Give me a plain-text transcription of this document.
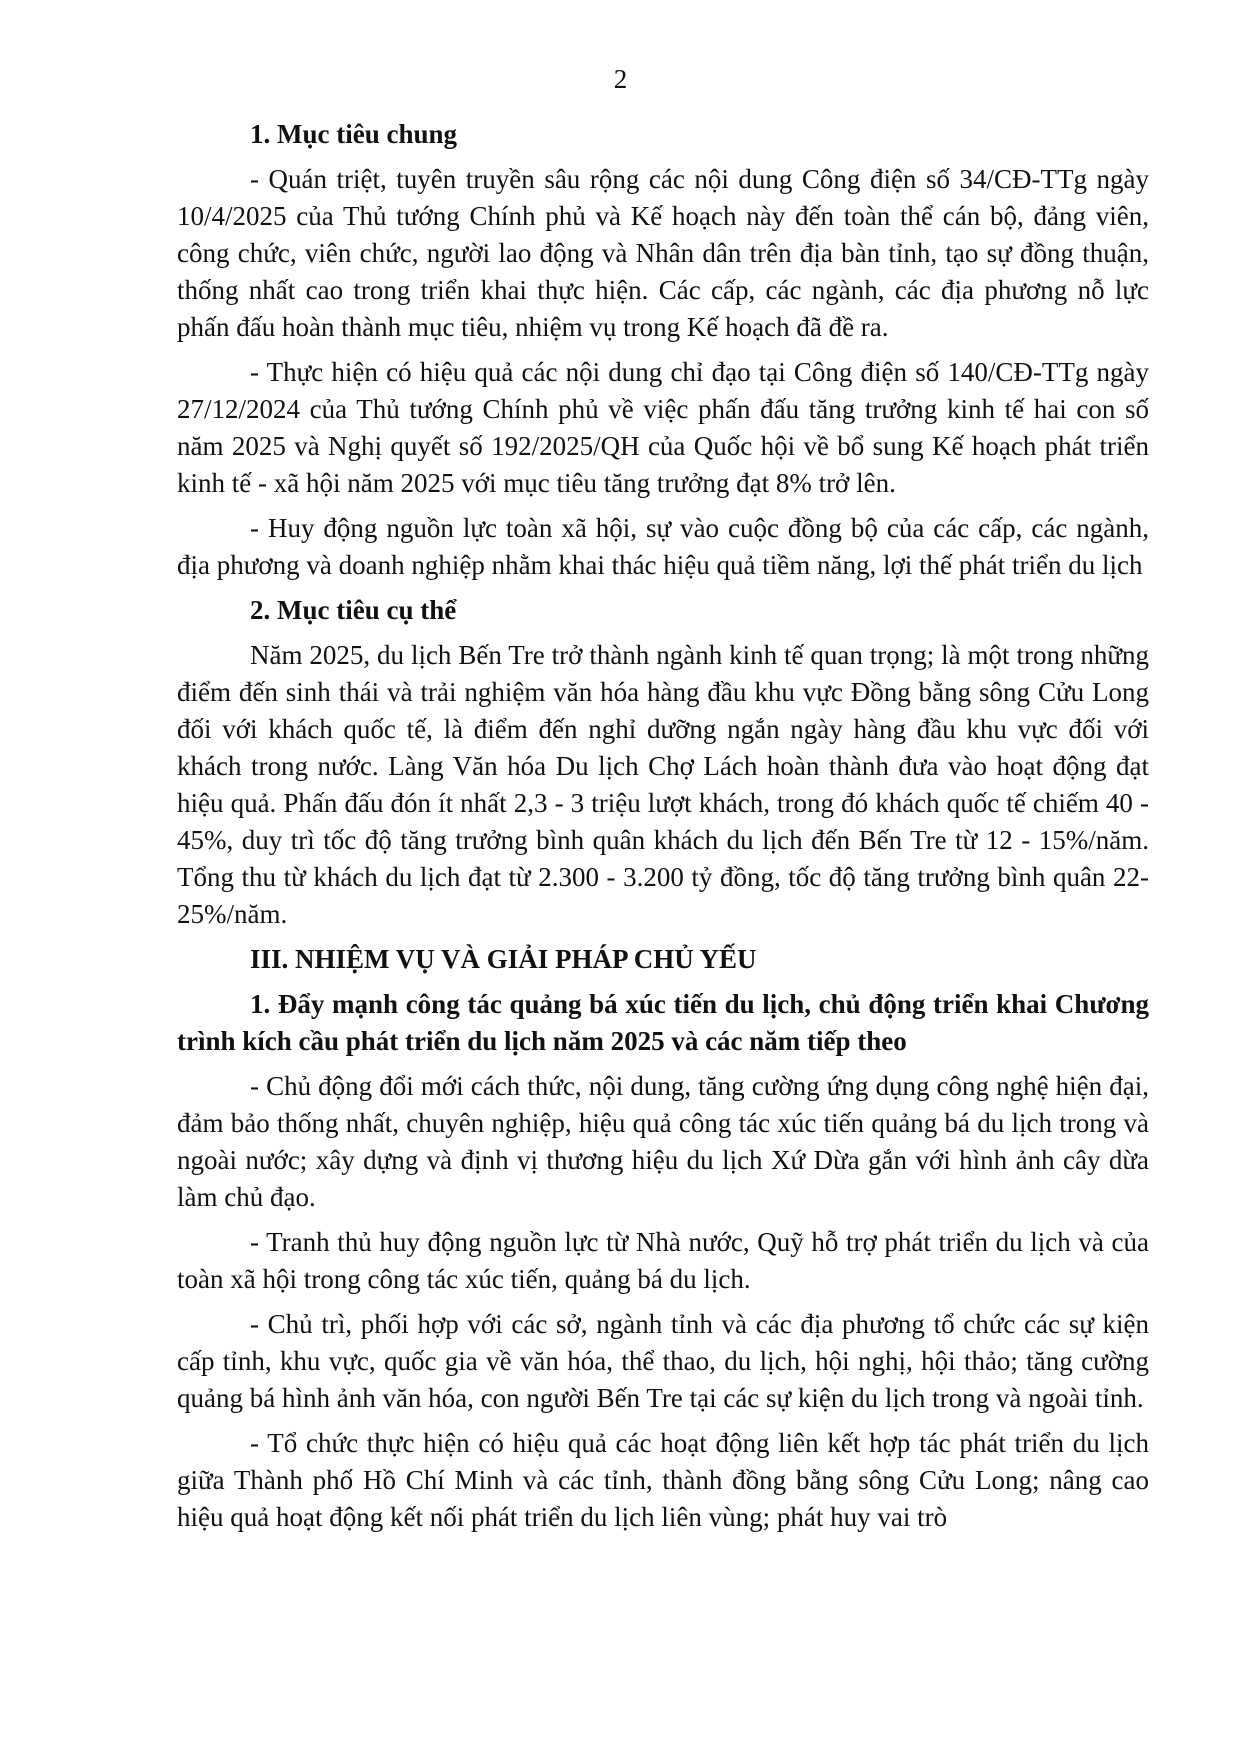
2

1. Mục tiêu chung

- Quán triệt, tuyên truyền sâu rộng các nội dung Công điện số 34/CĐ-TTg ngày 10/4/2025 của Thủ tướng Chính phủ và Kế hoạch này đến toàn thể cán bộ, đảng viên, công chức, viên chức, người lao động và Nhân dân trên địa bàn tỉnh, tạo sự đồng thuận, thống nhất cao trong triển khai thực hiện. Các cấp, các ngành, các địa phương nỗ lực phấn đấu hoàn thành mục tiêu, nhiệm vụ trong Kế hoạch đã đề ra.

- Thực hiện có hiệu quả các nội dung chỉ đạo tại Công điện số 140/CĐ-TTg ngày 27/12/2024 của Thủ tướng Chính phủ về việc phấn đấu tăng trưởng kinh tế hai con số năm 2025 và Nghị quyết số 192/2025/QH của Quốc hội về bổ sung Kế hoạch phát triển kinh tế - xã hội năm 2025 với mục tiêu tăng trưởng đạt 8% trở lên.

- Huy động nguồn lực toàn xã hội, sự vào cuộc đồng bộ của các cấp, các ngành, địa phương và doanh nghiệp nhằm khai thác hiệu quả tiềm năng, lợi thế phát triển du lịch

2. Mục tiêu cụ thể

Năm 2025, du lịch Bến Tre trở thành ngành kinh tế quan trọng; là một trong những điểm đến sinh thái và trải nghiệm văn hóa hàng đầu khu vực Đồng bằng sông Cửu Long đối với khách quốc tế, là điểm đến nghỉ dưỡng ngắn ngày hàng đầu khu vực đối với khách trong nước. Làng Văn hóa Du lịch Chợ Lách hoàn thành đưa vào hoạt động đạt hiệu quả. Phấn đấu đón ít nhất 2,3 - 3 triệu lượt khách, trong đó khách quốc tế chiếm 40 - 45%, duy trì tốc độ tăng trưởng bình quân khách du lịch đến Bến Tre từ 12 - 15%/năm. Tổng thu từ khách du lịch đạt từ 2.300 - 3.200 tỷ đồng, tốc độ tăng trưởng bình quân 22-25%/năm.

III. NHIỆM VỤ VÀ GIẢI PHÁP CHỦ YẾU

1. Đẩy mạnh công tác quảng bá xúc tiến du lịch, chủ động triển khai Chương trình kích cầu phát triển du lịch năm 2025 và các năm tiếp theo

- Chủ động đổi mới cách thức, nội dung, tăng cường ứng dụng công nghệ hiện đại, đảm bảo thống nhất, chuyên nghiệp, hiệu quả công tác xúc tiến quảng bá du lịch trong và ngoài nước; xây dựng và định vị thương hiệu du lịch Xứ Dừa gắn với hình ảnh cây dừa làm chủ đạo.

- Tranh thủ huy động nguồn lực từ Nhà nước, Quỹ hỗ trợ phát triển du lịch và của toàn xã hội trong công tác xúc tiến, quảng bá du lịch.

- Chủ trì, phối hợp với các sở, ngành tỉnh và các địa phương tổ chức các sự kiện cấp tỉnh, khu vực, quốc gia về văn hóa, thể thao, du lịch, hội nghị, hội thảo; tăng cường quảng bá hình ảnh văn hóa, con người Bến Tre tại các sự kiện du lịch trong và ngoài tỉnh.

- Tổ chức thực hiện có hiệu quả các hoạt động liên kết hợp tác phát triển du lịch giữa Thành phố Hồ Chí Minh và các tỉnh, thành đồng bằng sông Cửu Long; nâng cao hiệu quả hoạt động kết nối phát triển du lịch liên vùng; phát huy vai trò
